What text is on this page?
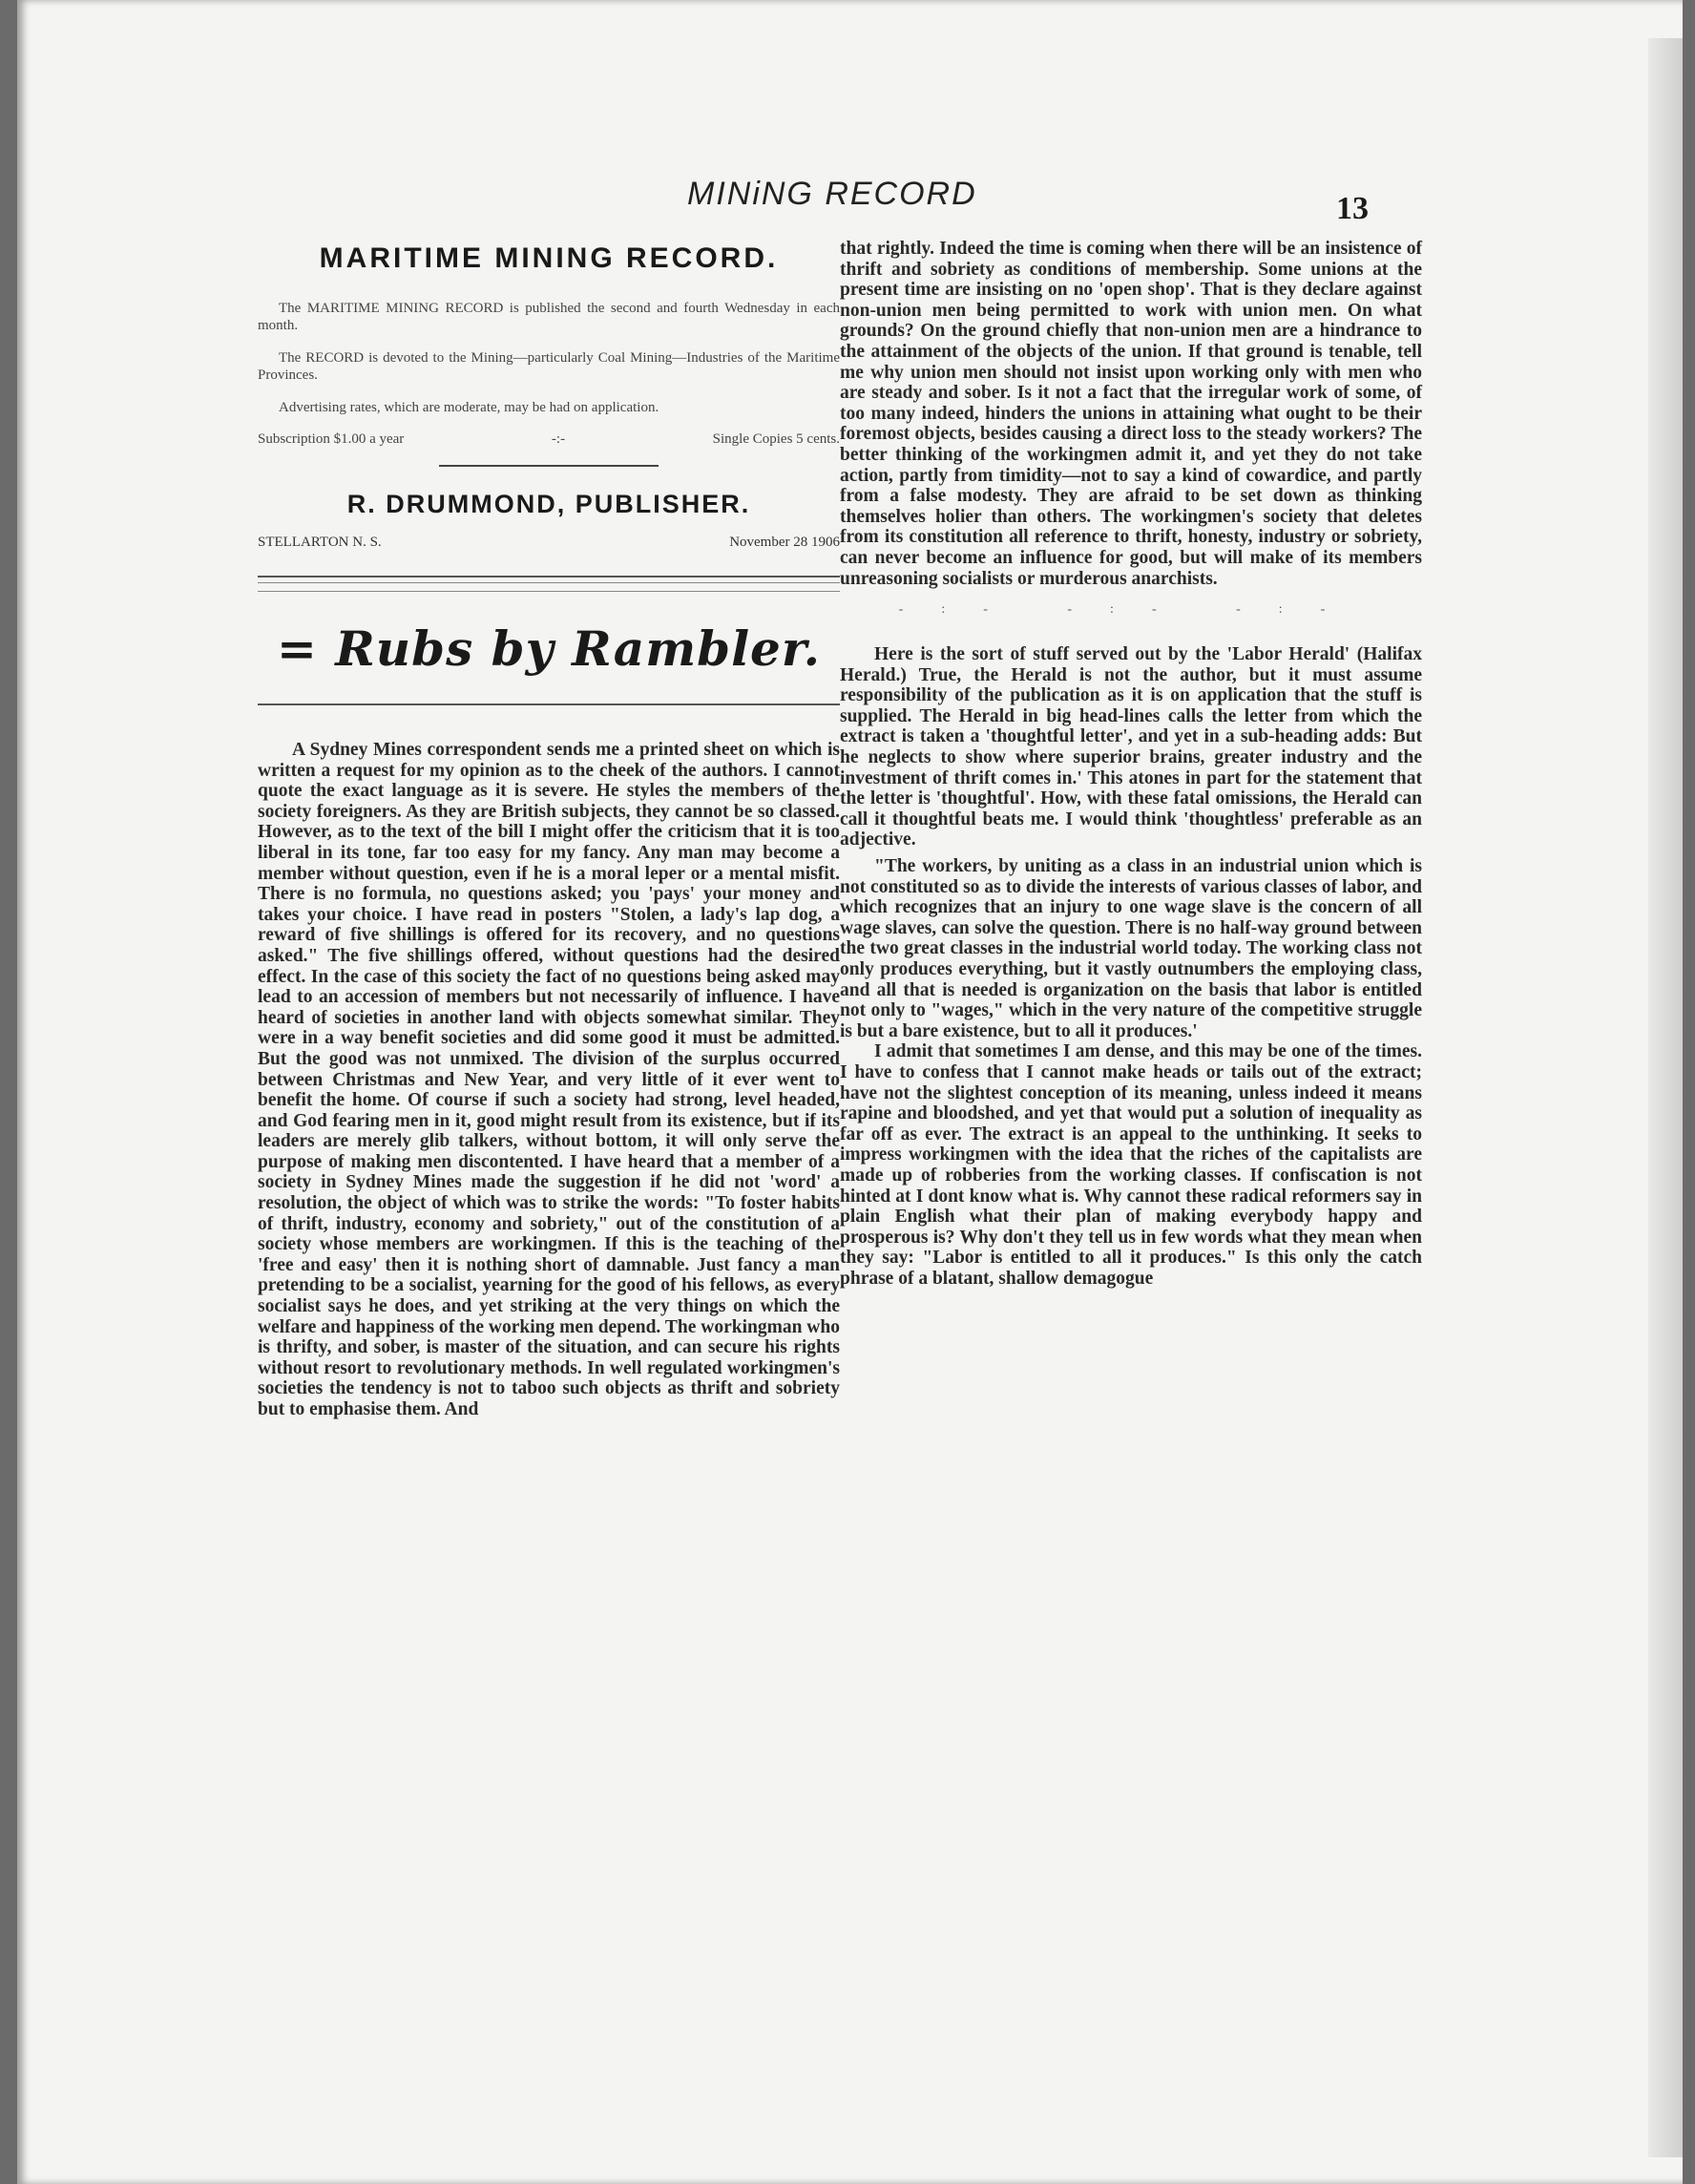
MINiNG RECORD	13
MARITIME MINING RECORD.

The MARITIME MINING RECORD is published the second and fourth Wednesday in each month.

The RECORD is devoted to the Mining—particularly Coal Mining—Industries of the Maritime Provinces.

Advertising rates, which are moderate, may be had on application.

Subscription $1.00 a year	-:-	Single Copies 5 cents.
R. DRUMMOND, PUBLISHER.
STELLARTON N. S.	November 28 1906
= Rubs by Rambler.

A Sydney Mines correspondent sends me a printed sheet on which is written a request for my opinion as to the cheek of the authors. I cannot quote the exact language as it is severe. He styles the members of the society foreigners. As they are British subjects, they cannot be so classed. However, as to the text of the bill I might offer the criticism that it is too liberal in its tone, far too easy for my fancy. Any man may become a member without question, even if he is a moral leper or a mental misfit. There is no formula, no questions asked; you 'pays' your money and takes your choice. I have read in posters "Stolen, a lady's lap dog, a reward of five shillings is offered for its recovery, and no questions asked." The five shillings offered, without questions had the desired effect. In the case of this society the fact of no questions being asked may lead to an accession of members but not necessarily of influence. I have heard of societies in another land with objects somewhat similar. They were in a way benefit societies and did some good it must be admitted. But the good was not unmixed. The division of the surplus occurred between Christmas and New Year, and very little of it ever went to benefit the home. Of course if such a society had strong, level headed, and God fearing men in it, good might result from its existence, but if its leaders are merely glib talkers, without bottom, it will only serve the purpose of making men discontented. I have heard that a member of a society in Sydney Mines made the suggestion if he did not 'word' a resolution, the object of which was to strike the words: "To foster habits of thrift, industry, economy and sobriety," out of the constitution of a society whose members are workingmen. If this is the teaching of the 'free and easy' then it is nothing short of damnable. Just fancy a man pretending to be a socialist, yearning for the good of his fellows, as every socialist says he does, and yet striking at the very things on which the welfare and happiness of the working men depend. The workingman who is thrifty, and sober, is master of the situation, and can secure his rights without resort to revolutionary methods. In well regulated workingmen's societies the tendency is not to taboo such objects as thrift and sobriety but to emphasise them. And

that rightly. Indeed the time is coming when there will be an insistence of thrift and sobriety as conditions of membership. Some unions at the present time are insisting on no 'open shop'. That is they declare against non-union men being permitted to work with union men. On what grounds? On the ground chiefly that non-union men are a hindrance to the attainment of the objects of the union. If that ground is tenable, tell me why union men should not insist upon working only with men who are steady and sober. Is it not a fact that the irregular work of some, of too many indeed, hinders the unions in attaining what ought to be their foremost objects, besides causing a direct loss to the steady workers? The better thinking of the workingmen admit it, and yet they do not take action, partly from timidity—not to say a kind of cowardice, and partly from a false modesty. They are afraid to be set down as thinking themselves holier than others. The workingmen's society that deletes from its constitution all reference to thrift, honesty, industry or sobriety, can never become an influence for good, but will make of its members unreasoning socialists or murderous anarchists.

-:- -:- -:-

Here is the sort of stuff served out by the 'Labor Herald' (Halifax Herald.) True, the Herald is not the author, but it must assume responsibility of the publication as it is on application that the stuff is supplied. The Herald in big head-lines calls the letter from which the extract is taken a 'thoughtful letter', and yet in a sub-heading adds: But he neglects to show where superior brains, greater industry and the investment of thrift comes in.' This atones in part for the statement that the letter is 'thoughtful'. How, with these fatal omissions, the Herald can call it thoughtful beats me. I would think 'thoughtless' preferable as an adjective.

"The workers, by uniting as a class in an industrial union which is not constituted so as to divide the interests of various classes of labor, and which recognizes that an injury to one wage slave is the concern of all wage slaves, can solve the question. There is no half-way ground between the two great classes in the industrial world today. The working class not only produces everything, but it vastly outnumbers the employing class, and all that is needed is organization on the basis that labor is entitled not only to "wages," which in the very nature of the competitive struggle is but a bare existence, but to all it produces.'

I admit that sometimes I am dense, and this may be one of the times. I have to confess that I cannot make heads or tails out of the extract; have not the slightest conception of its meaning, unless indeed it means rapine and bloodshed, and yet that would put a solution of inequality as far off as ever. The extract is an appeal to the unthinking. It seeks to impress workingmen with the idea that the riches of the capitalists are made up of robberies from the working classes. If confiscation is not hinted at I dont know what is. Why cannot these radical reformers say in plain English what their plan of making everybody happy and prosperous is? Why don't they tell us in few words what they mean when they say: "Labor is entitled to all it produces." Is this only the catch phrase of a blatant, shallow demagogue
